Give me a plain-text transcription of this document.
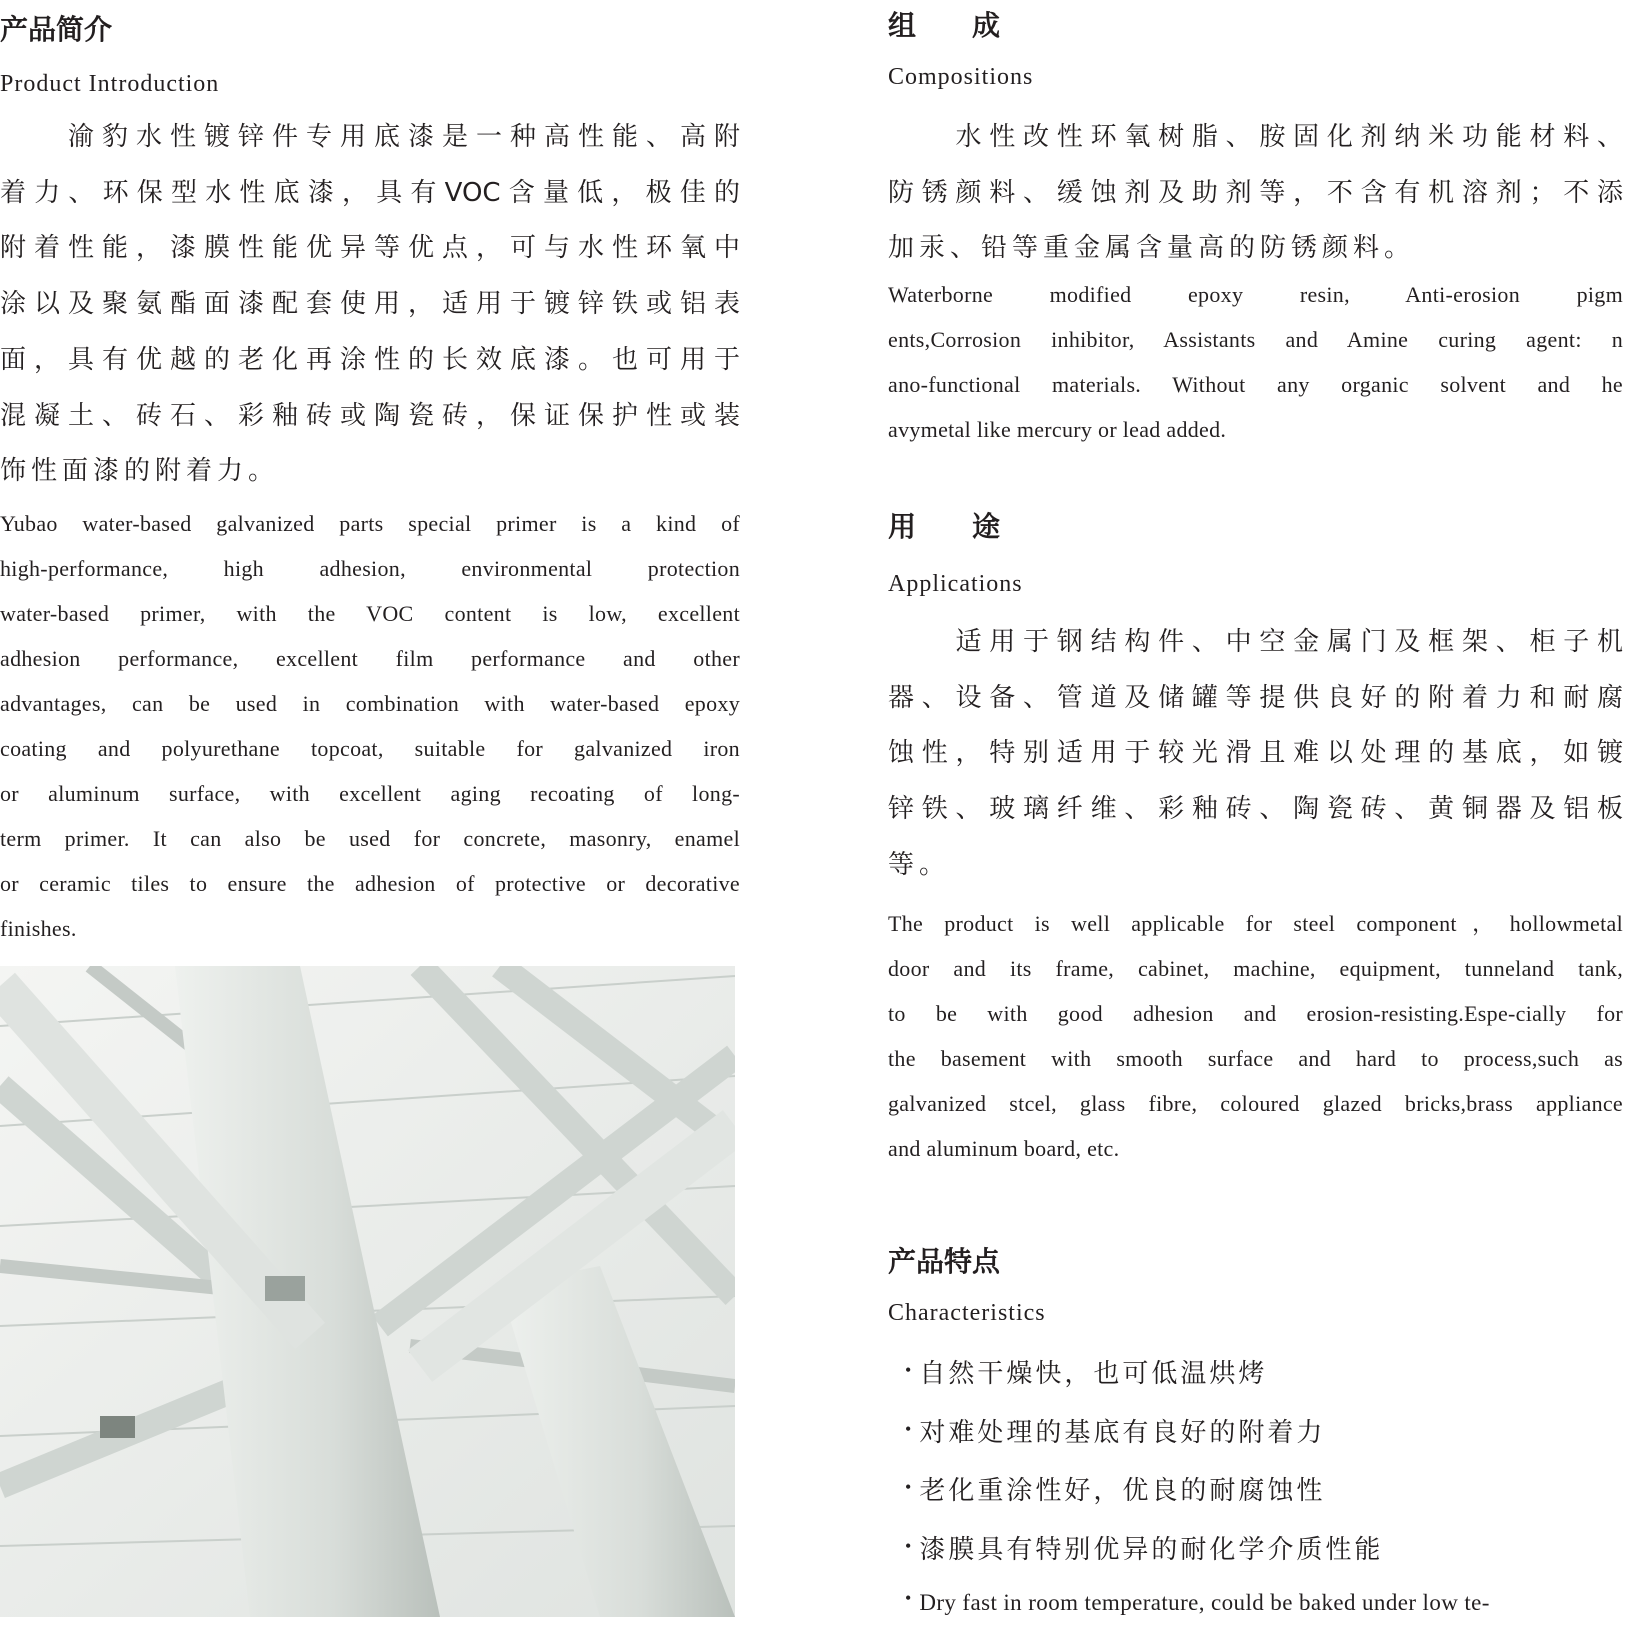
产品简介
Product Introduction
　　渝豹水性镀锌件专用底漆是一种高性能、高附
着力、环保型水性底漆，具有VOC含量低，极佳的
附着性能，漆膜性能优异等优点，可与水性环氧中
涂以及聚氨酯面漆配套使用，适用于镀锌铁或铝表
面，具有优越的老化再涂性的长效底漆。也可用于
混凝土、砖石、彩釉砖或陶瓷砖，保证保护性或装
饰性面漆的附着力。
Yubao water-based galvanized parts special primer is a kind of
high-performance, high adhesion, environmental protection
water-based primer, with the VOC content is low, excellent
adhesion performance, excellent film performance and other
advantages, can be used in combination with water-based epoxy
coating and polyurethane topcoat, suitable for galvanized iron
or aluminum surface, with excellent aging recoating of long-
term primer. It can also be used for concrete, masonry, enamel
or ceramic tiles to ensure the adhesion of protective or decorative
finishes.
组　　成
Compositions
　　水性改性环氧树脂、胺固化剂纳米功能材料、
防锈颜料、缓蚀剂及助剂等，不含有机溶剂；不添
加汞、铅等重金属含量高的防锈颜料。
Waterborne modified epoxy resin, Anti-erosion pigm
ents,Corrosion inhibitor, Assistants and Amine curing agent: n
ano-functional materials. Without any organic solvent and he
avymetal like mercury or lead added.
用　　途
Applications
　　适用于钢结构件、中空金属门及框架、柜子机
器、设备、管道及储罐等提供良好的附着力和耐腐
蚀性，特别适用于较光滑且难以处理的基底，如镀
锌铁、玻璃纤维、彩釉砖、陶瓷砖、黄铜器及铝板
等。
The product is well applicable for steel component，hollowmetal
door and its frame, cabinet, machine, equipment, tunneland tank,
to be with good adhesion and erosion-resisting.Espe-cially for
the basement with smooth surface and hard to process,such as
galvanized stcel, glass fibre, coloured glazed bricks,brass appliance
and aluminum board, etc.
产品特点
Characteristics
• 自然干燥快，也可低温烘烤
• 对难处理的基底有良好的附着力
• 老化重涂性好，优良的耐腐蚀性
• 漆膜具有特别优异的耐化学介质性能
• Dry fast in room temperature, could be baked under low te-
